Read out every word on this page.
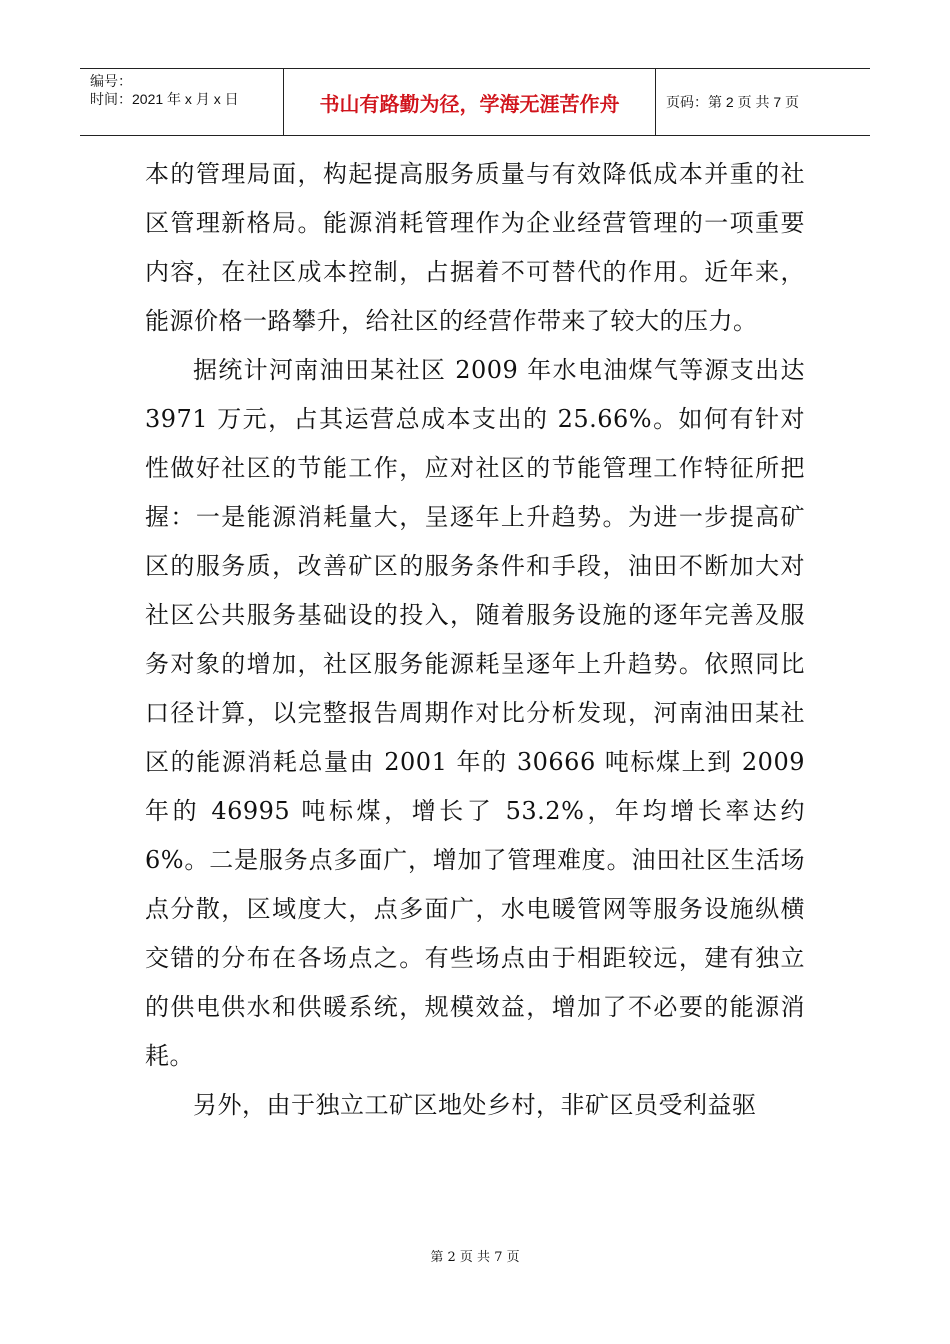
编号：
时间：2021 年 x 月 x 日	书山有路勤为径，学海无涯苦作舟	页码：第 2 页 共 7 页

本的管理局面，构起提高服务质量与有效降低成本并重的社区管理新格局。能源消耗管理作为企业经营管理的一项重要内容，在社区成本控制，占据着不可替代的作用。近年来，能源价格一路攀升，给社区的经营作带来了较大的压力。

据统计河南油田某社区 2009 年水电油煤气等源支出达 3971 万元，占其运营总成本支出的 25.66%。如何有针对性做好社区的节能工作，应对社区的节能管理工作特征所把握：一是能源消耗量大，呈逐年上升趋势。为进一步提高矿区的服务质，改善矿区的服务条件和手段，油田不断加大对社区公共服务基础设的投入，随着服务设施的逐年完善及服务对象的增加，社区服务能源耗呈逐年上升趋势。依照同比口径计算，以完整报告周期作对比分析发现，河南油田某社区的能源消耗总量由 2001 年的 30666 吨标煤上到 2009 年的 46995 吨标煤，增长了 53.2%，年均增长率达约 6%。二是服务点多面广，增加了管理难度。油田社区生活场点分散，区域度大，点多面广，水电暖管网等服务设施纵横交错的分布在各场点之。有些场点由于相距较远，建有独立的供电供水和供暖系统，规模效益，增加了不必要的能源消耗。

另外，由于独立工矿区地处乡村，非矿区员受利益驱

第 2 页 共 7 页
